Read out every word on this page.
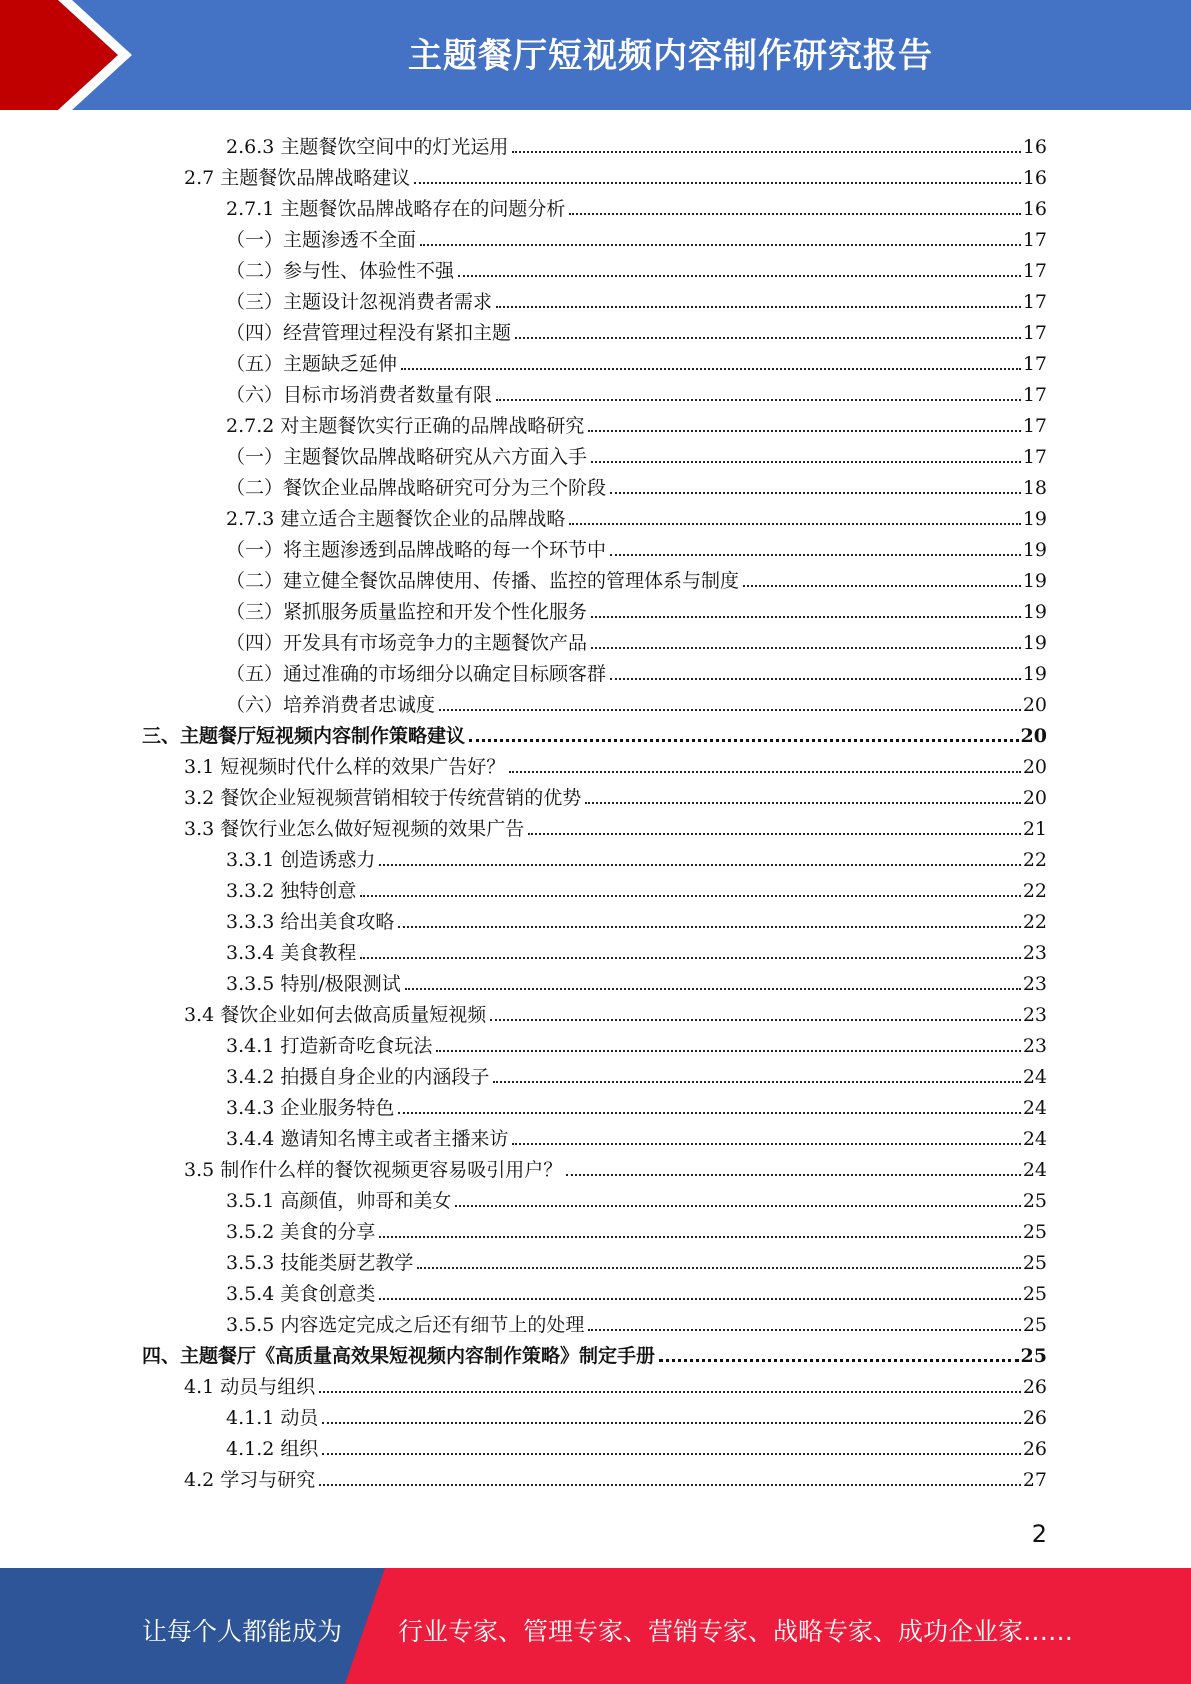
主题餐厅短视频内容制作研究报告
2.6.3 主题餐饮空间中的灯光运用	16
2.7 主题餐饮品牌战略建议	16
2.7.1 主题餐饮品牌战略存在的问题分析	16
（一）主题渗透不全面	17
（二）参与性、体验性不强	17
（三）主题设计忽视消费者需求	17
（四）经营管理过程没有紧扣主题	17
（五）主题缺乏延伸	17
（六）目标市场消费者数量有限	17
2.7.2 对主题餐饮实行正确的品牌战略研究	17
（一）主题餐饮品牌战略研究从六方面入手	17
（二）餐饮企业品牌战略研究可分为三个阶段	18
2.7.3 建立适合主题餐饮企业的品牌战略	19
（一）将主题渗透到品牌战略的每一个环节中	19
（二）建立健全餐饮品牌使用、传播、监控的管理体系与制度	19
（三）紧抓服务质量监控和开发个性化服务	19
（四）开发具有市场竞争力的主题餐饮产品	19
（五）通过准确的市场细分以确定目标顾客群	19
（六）培养消费者忠诚度	20
三、主题餐厅短视频内容制作策略建议	20
3.1 短视频时代什么样的效果广告好？	20
3.2 餐饮企业短视频营销相较于传统营销的优势	20
3.3 餐饮行业怎么做好短视频的效果广告	21
3.3.1 创造诱惑力	22
3.3.2 独特创意	22
3.3.3 给出美食攻略	22
3.3.4 美食教程	23
3.3.5 特别/极限测试	23
3.4 餐饮企业如何去做高质量短视频	23
3.4.1 打造新奇吃食玩法	23
3.4.2 拍摄自身企业的内涵段子	24
3.4.3 企业服务特色	24
3.4.4 邀请知名博主或者主播来访	24
3.5 制作什么样的餐饮视频更容易吸引用户？	24
3.5.1 高颜值，帅哥和美女	25
3.5.2 美食的分享	25
3.5.3 技能类厨艺教学	25
3.5.4 美食创意类	25
3.5.5 内容选定完成之后还有细节上的处理	25
四、主题餐厅《高质量高效果短视频内容制作策略》制定手册	25
4.1 动员与组织	26
4.1.1 动员	26
4.1.2 组织	26
4.2 学习与研究	27
2
让每个人都能成为 行业专家、管理专家、营销专家、战略专家、成功企业家……
